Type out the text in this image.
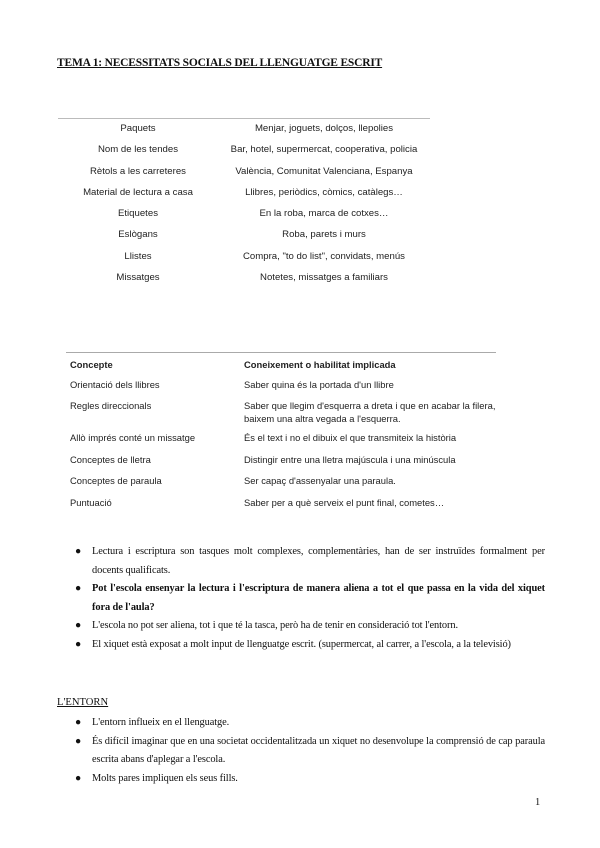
TEMA 1: NECESSITATS SOCIALS DEL LLENGUATGE ESCRIT
Paquets	Menjar, joguets, dolços, llepolies
Nom de les tendes	Bar, hotel, supermercat, cooperativa, policia
Rètols a les carreteres	València, Comunitat Valenciana, Espanya
Material de lectura a casa	Llibres, periòdics, còmics, catàlegs…
Etiquetes	En la roba, marca de cotxes…
Eslògans	Roba, parets i murs
Llistes	Compra, "to do list", convidats, menús
Missatges	Notetes, missatges a familiars
Concepte	Coneixement o habilitat implicada
Orientació dels llibres	Saber quina és la portada d'un llibre
Regles direccionals	Saber que llegim d'esquerra a dreta i que en acabar la filera, baixem una altra vegada a l'esquerra.
Allò imprés conté un missatge	És el text i no el dibuix el que transmiteix la història
Conceptes de lletra	Distingir entre una lletra majúscula i una minúscula
Conceptes de paraula	Ser capaç d'assenyalar una paraula.
Puntuació	Saber per a què serveix el punt final, cometes…
● Lectura i escriptura son tasques molt complexes, complementàries, han de ser instruïdes formalment per docents qualificats.
● Pot l'escola ensenyar la lectura i l'escriptura de manera aliena a tot el que passa en la vida del xiquet fora de l'aula?
● L'escola no pot ser aliena, tot i que té la tasca, però ha de tenir en consideració tot l'entorn.
● El xiquet està exposat a molt input de llenguatge escrit. (supermercat, al carrer, a l'escola, a la televisió)
L'ENTORN
● L'entorn influeix en el llenguatge.
● És difícil imaginar que en una societat occidentalitzada un xiquet no desenvolupe la comprensió de cap paraula escrita abans d'aplegar a l'escola.
● Molts pares impliquen els seus fills.
1
